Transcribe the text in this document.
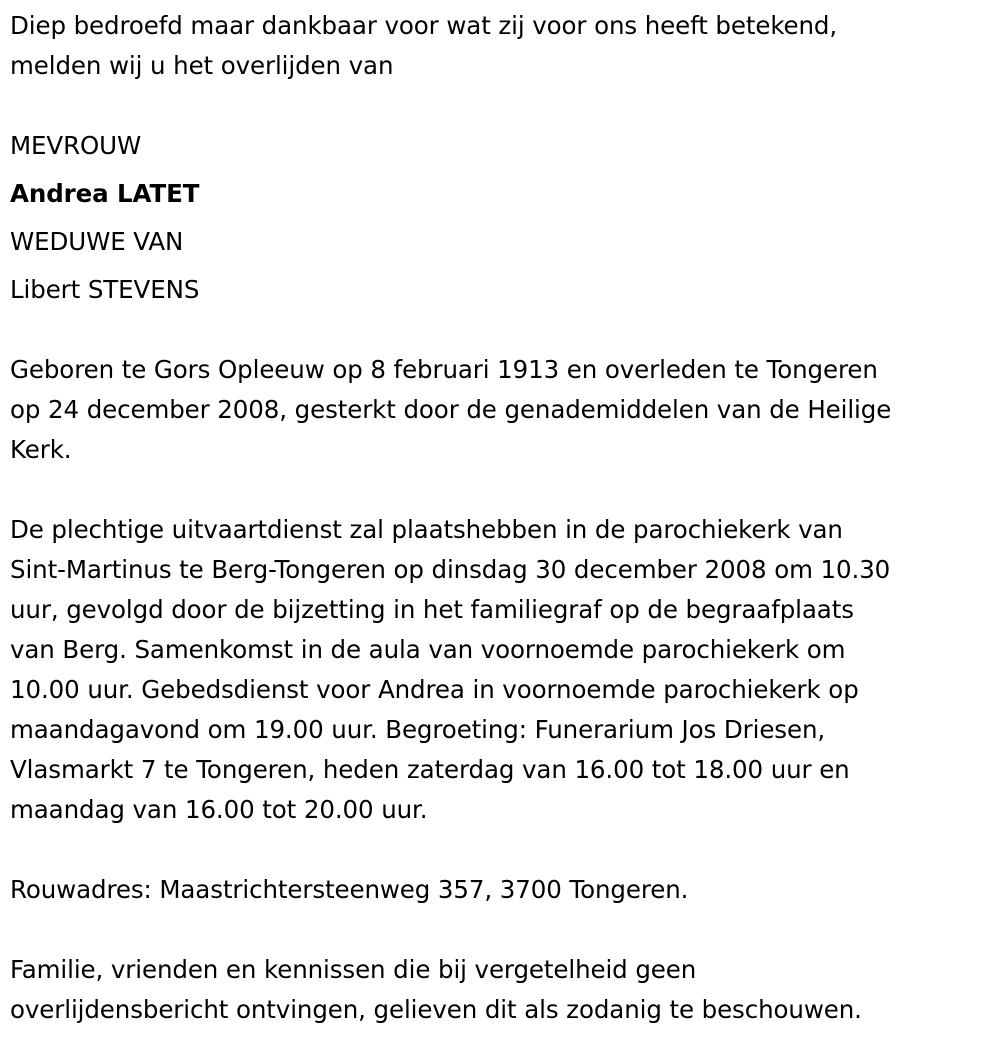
Diep bedroefd maar dankbaar voor wat zij voor ons heeft betekend,
melden wij u het overlijden van

MEVROUW

Andrea LATET

WEDUWE VAN

Libert STEVENS

Geboren te Gors Opleeuw op 8 februari 1913 en overleden te Tongeren
op 24 december 2008, gesterkt door de genademiddelen van de Heilige
Kerk.

De plechtige uitvaartdienst zal plaatshebben in de parochiekerk van
Sint-Martinus te Berg-Tongeren op dinsdag 30 december 2008 om 10.30
uur, gevolgd door de bijzetting in het familiegraf op de begraafplaats
van Berg. Samenkomst in de aula van voornoemde parochiekerk om
10.00 uur. Gebedsdienst voor Andrea in voornoemde parochiekerk op
maandagavond om 19.00 uur. Begroeting: Funerarium Jos Driesen,
Vlasmarkt 7 te Tongeren, heden zaterdag van 16.00 tot 18.00 uur en
maandag van 16.00 tot 20.00 uur.

Rouwadres: Maastrichtersteenweg 357, 3700 Tongeren.

Familie, vrienden en kennissen die bij vergetelheid geen
overlijdensbericht ontvingen, gelieven dit als zodanig te beschouwen.
